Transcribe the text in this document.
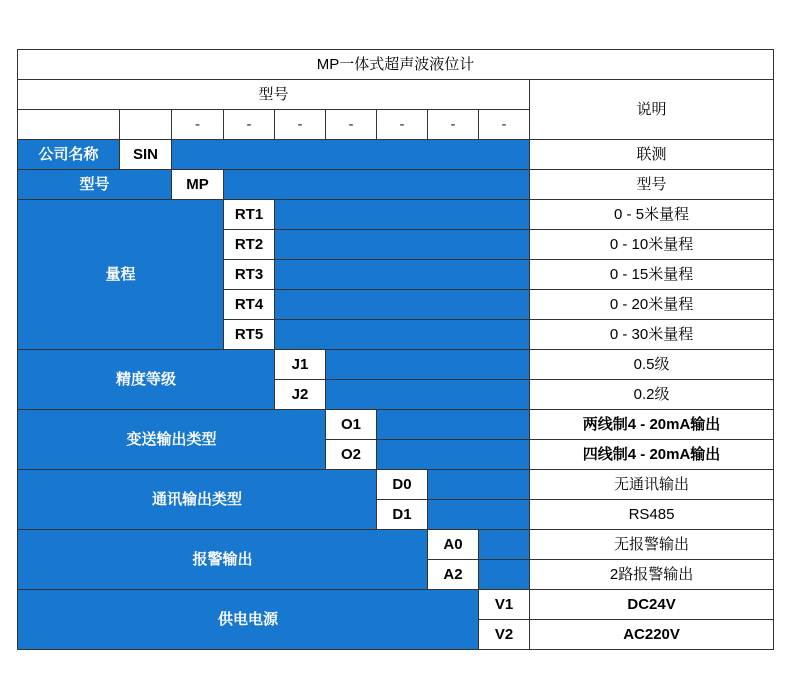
MP一体式超声波液位计									
型号									说明
		-	-	-	-	-	-	-	
公司名称	SIN								联测
型号		MP							型号
量程			RT1						0 - 5米量程
			RT2						0 - 10米量程
			RT3						0 - 15米量程
			RT4						0 - 20米量程
			RT5						0 - 30米量程
精度等级				J1					0.5级
				J2					0.2级
变送输出类型					O1				两线制4 - 20mA输出
					O2				四线制4 - 20mA输出
通讯输出类型						D0			无通讯输出
						D1			RS485
报警输出							A0		无报警输出
							A2		2路报警输出
供电电源								V1	DC24V
								V2	AC220V
